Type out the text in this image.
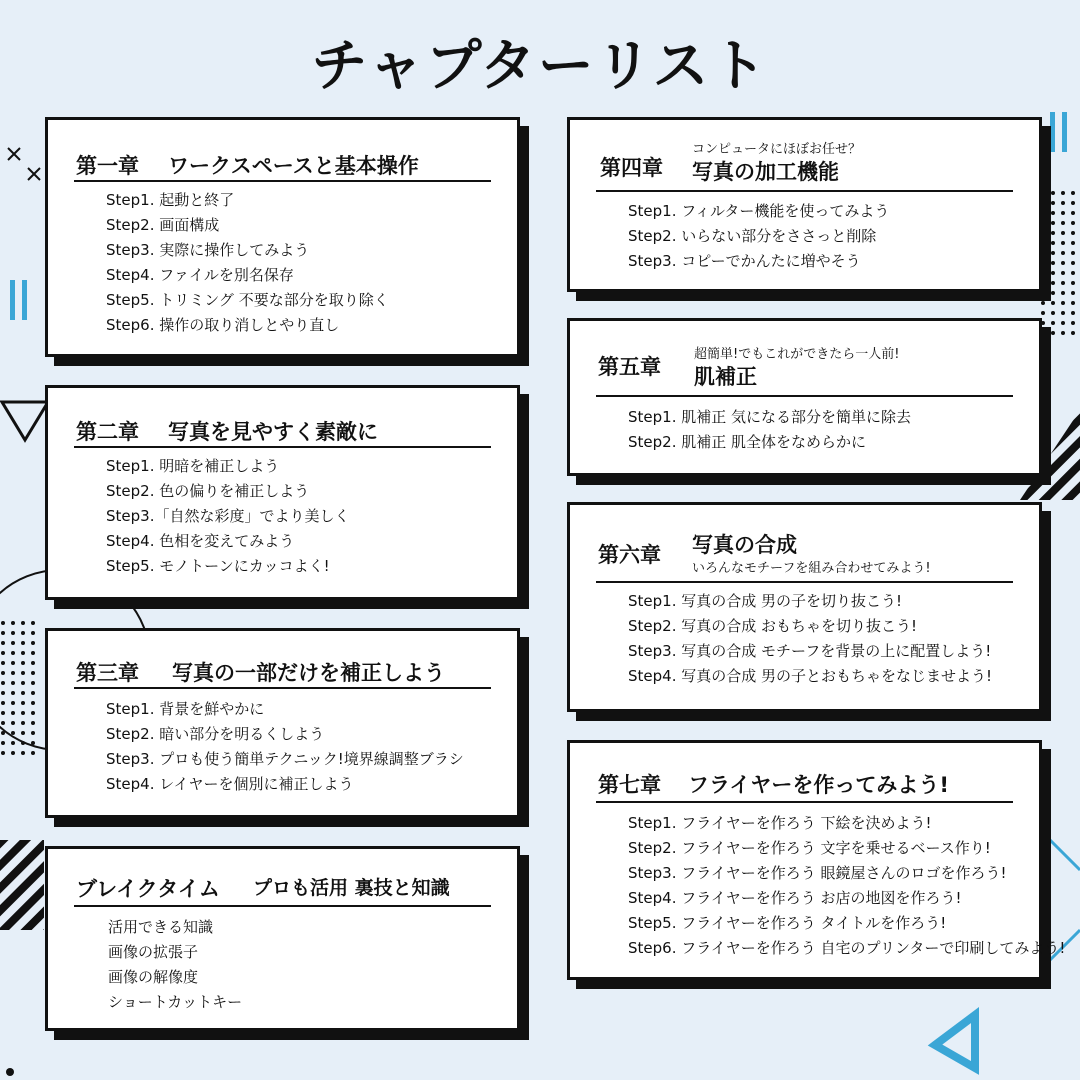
チャプターリスト
第一章 ワークスペースと基本操作
Step1. 起動と終了
Step2. 画面構成
Step3. 実際に操作してみよう
Step4. ファイルを別名保存
Step5. トリミング 不要な部分を取り除く
Step6. 操作の取り消しとやり直し
第二章 写真を見やすく素敵に
Step1. 明暗を補正しよう
Step2. 色の偏りを補正しよう
Step3.「自然な彩度」でより美しく
Step4. 色相を変えてみよう
Step5. モノトーンにカッコよく!
第三章 写真の一部だけを補正しよう
Step1. 背景を鮮やかに
Step2. 暗い部分を明るくしよう
Step3. プロも使う簡単テクニック!境界線調整ブラシ
Step4. レイヤーを個別に補正しよう
ブレイクタイム プロも活用 裏技と知識
活用できる知識
画像の拡張子
画像の解像度
ショートカットキー
第四章
コンピュータにほぼお任せ？
写真の加工機能
Step1. フィルター機能を使ってみよう
Step2. いらない部分をささっと削除
Step3. コピーでかんたに増やそう
第五章
超簡単!でもこれができたら一人前!
肌補正
Step1. 肌補正 気になる部分を簡単に除去
Step2. 肌補正 肌全体をなめらかに
第六章 写真の合成
いろんなモチーフを組み合わせてみよう!
Step1. 写真の合成 男の子を切り抜こう!
Step2. 写真の合成 おもちゃを切り抜こう!
Step3. 写真の合成 モチーフを背景の上に配置しよう!
Step4. 写真の合成 男の子とおもちゃをなじませよう!
第七章 フライヤーを作ってみよう!
Step1. フライヤーを作ろう 下絵を決めよう!
Step2. フライヤーを作ろう 文字を乗せるベース作り!
Step3. フライヤーを作ろう 眼鏡屋さんのロゴを作ろう!
Step4. フライヤーを作ろう お店の地図を作ろう!
Step5. フライヤーを作ろう タイトルを作ろう!
Step6. フライヤーを作ろう 自宅のプリンターで印刷してみよう!
